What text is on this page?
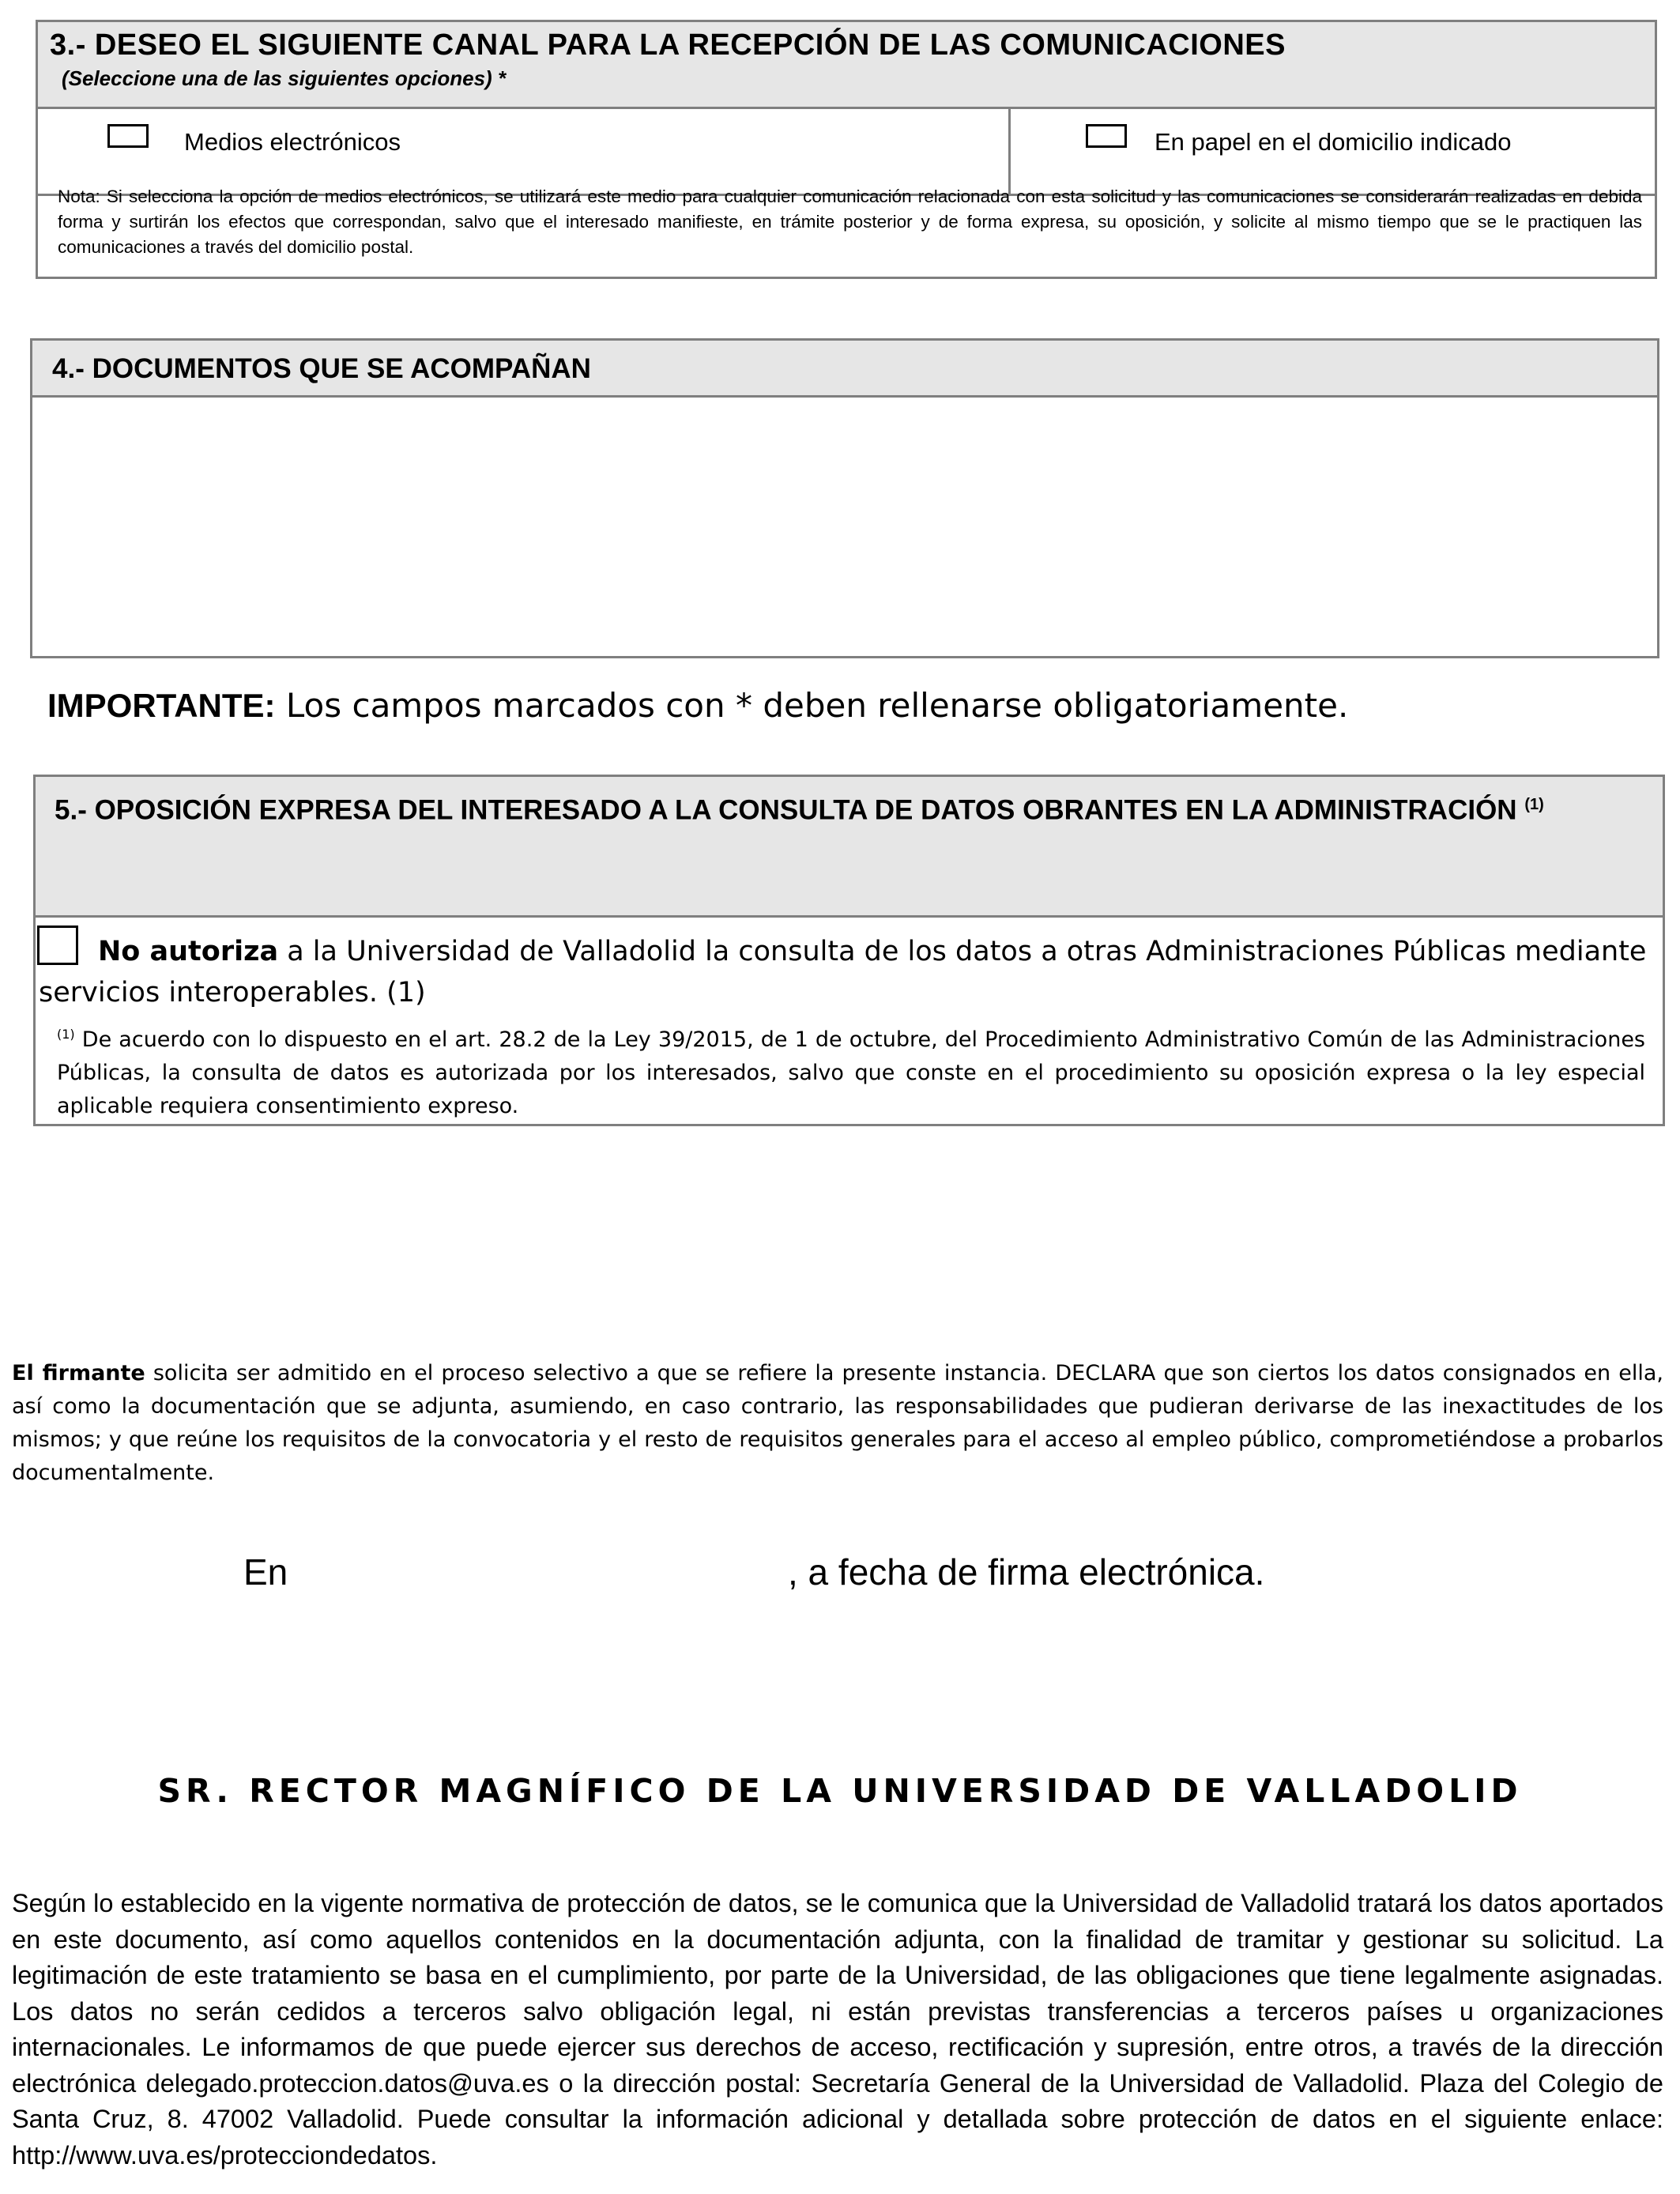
3.- DESEO EL SIGUIENTE CANAL PARA LA RECEPCIÓN DE LAS COMUNICACIONES
(Seleccione una de las siguientes opciones) *
Medios electrónicos	En papel en el domicilio indicado
Nota: Si selecciona la opción de medios electrónicos, se utilizará este medio para cualquier comunicación relacionada con esta solicitud y las comunicaciones se considerarán realizadas en debida forma y surtirán los efectos que correspondan, salvo que el interesado manifieste, en trámite posterior y de forma expresa, su oposición, y solicite al mismo tiempo que se le practiquen las comunicaciones a través del domicilio postal.
4.- DOCUMENTOS QUE SE ACOMPAÑAN
IMPORTANTE: Los campos marcados con * deben rellenarse obligatoriamente.
5.- OPOSICIÓN EXPRESA DEL INTERESADO A LA CONSULTA DE DATOS OBRANTES EN LA ADMINISTRACIÓN $^{(1)}$
No autoriza a la Universidad de Valladolid la consulta de los datos a otras Administraciones Públicas mediante servicios interoperables. (1)
$^{(1)}$ De acuerdo con lo dispuesto en el art. 28.2 de la Ley 39/2015, de 1 de octubre, del Procedimiento Administrativo Común de las Administraciones Públicas, la consulta de datos es autorizada por los interesados, salvo que conste en el procedimiento su oposición expresa o la ley especial aplicable requiera consentimiento expreso.
El firmante solicita ser admitido en el proceso selectivo a que se refiere la presente instancia. DECLARA que son ciertos los datos consignados en ella, así como la documentación que se adjunta, asumiendo, en caso contrario, las responsabilidades que pudieran derivarse de las inexactitudes de los mismos; y que reúne los requisitos de la convocatoria y el resto de requisitos generales para el acceso al empleo público, comprometiéndose a probarlos documentalmente.
En	, a fecha de firma electrónica.
SR. RECTOR MAGNÍFICO DE LA UNIVERSIDAD DE VALLADOLID
Según lo establecido en la vigente normativa de protección de datos, se le comunica que la Universidad de Valladolid tratará los datos aportados en este documento, así como aquellos contenidos en la documentación adjunta, con la finalidad de tramitar y gestionar su solicitud. La legitimación de este tratamiento se basa en el cumplimiento, por parte de la Universidad, de las obligaciones que tiene legalmente asignadas. Los datos no serán cedidos a terceros salvo obligación legal, ni están previstas transferencias a terceros países u organizaciones internacionales. Le informamos de que puede ejercer sus derechos de acceso, rectificación y supresión, entre otros, a través de la dirección electrónica delegado.proteccion.datos@uva.es o la dirección postal: Secretaría General de la Universidad de Valladolid. Plaza del Colegio de Santa Cruz, 8. 47002 Valladolid. Puede consultar la información adicional y detallada sobre protección de datos en el siguiente enlace: http://www.uva.es/protecciondedatos.
